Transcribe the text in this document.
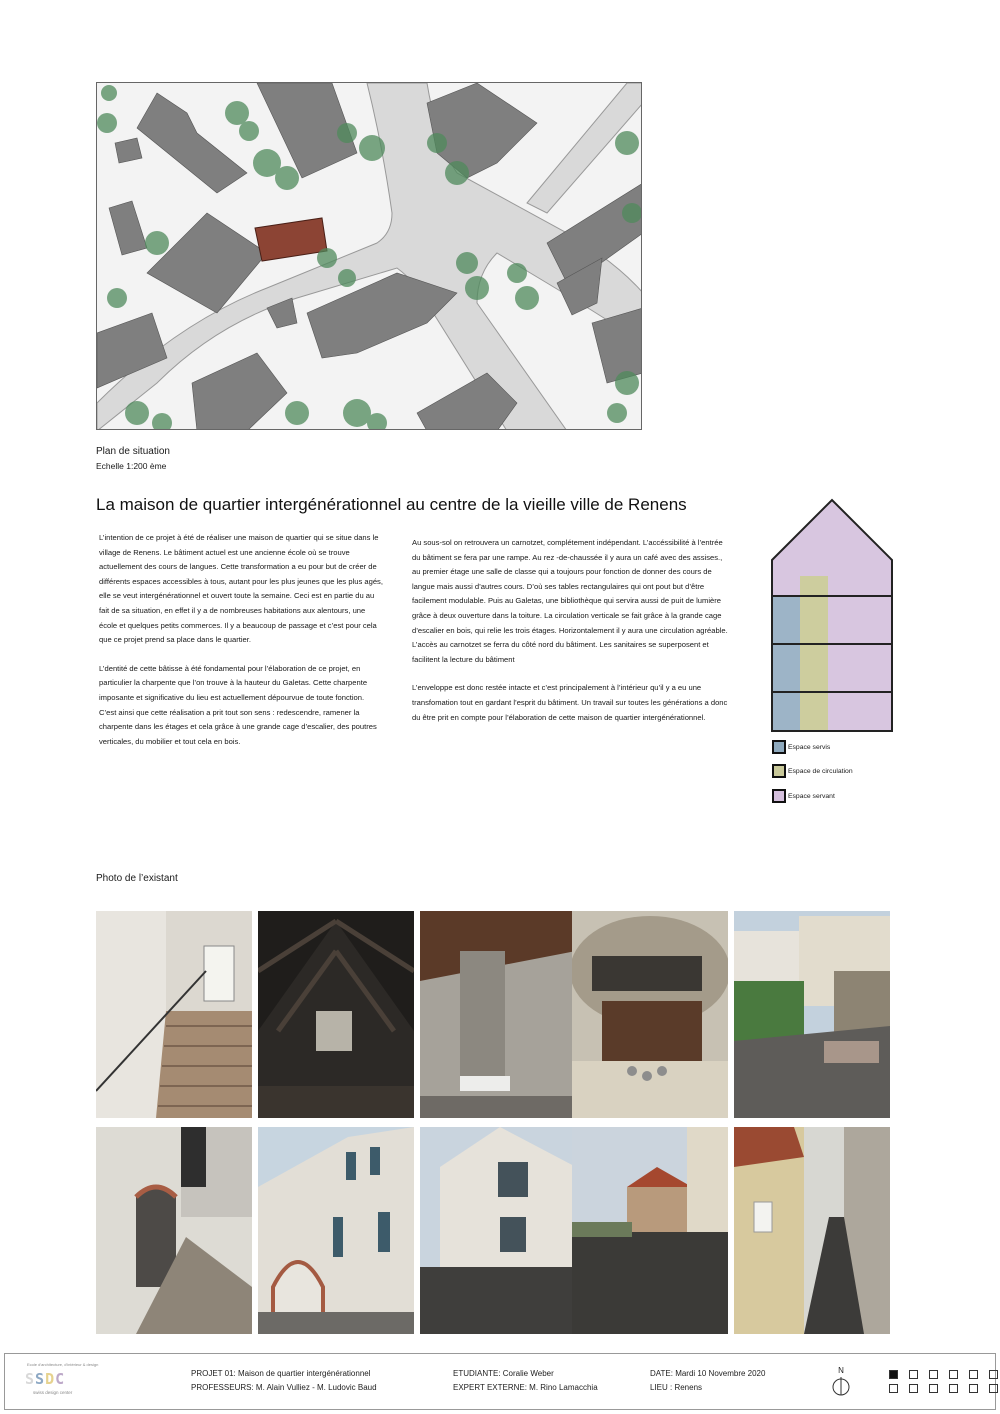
Plan de situation
Echelle 1:200 ème
La maison de quartier intergénérationnel au centre de la vieille ville de Renens

L’intention de ce projet à été de réaliser une maison de quartier qui se situe dans le village de Renens. Le bâtiment actuel est une ancienne école où se trouve actuellement des cours de langues. Cette transformation a eu pour but de créer de différents espaces accessibles à tous, autant pour les plus jeunes que les plus agés, elle se veut intergénérationnel et ouvert toute la semaine. Ceci est en partie du au fait de sa situation, en effet il y a de nombreuses habitations aux alentours, une école et quelques petits commerces. Il y a beaucoup de passage et c’est pour cela que ce projet prend sa place dans le quartier.

L’dentité de cette bâtisse à été fondamental pour l’élaboration de ce projet, en particulier la charpente que l’on trouve à la hauteur du Galetas. Cette charpente imposante et significative du lieu est actuellement dépourvue de toute fonction. C’est ainsi que cette réalisation a prit tout son sens : redescendre, ramener la charpente dans les étages et cela grâce à une grande cage d’escalier, des poutres verticales, du mobilier et tout cela en bois.

Au sous-sol on retrouvera un carnotzet, complétement indépendant. L’accéssibilité à l’entrée du bâtiment se fera par une rampe. Au rez -de-chaussée il y aura un café avec des assises., au premier étage une salle de classe qui a toujours pour fonction de donner des cours de langue mais aussi d’autres cours. D’où ses tables rectangulaires qui ont pout but d’être facilement modulable. Puis au Galetas, une bibliothèque qui servira aussi de puit de lumière grâce à deux ouverture dans la toiture. La circulation verticale se fait grâce à la grande cage d’escalier en bois, qui relie les trois étages. Horizontalement il y aura une circulation agréable. L’accès au carnotzet se ferra du côté nord du bâtiment. Les sanitaires se superposent et facilitent la lecture du bâtiment

L’enveloppe est donc restée intacte et c’est principalement à l’intérieur qu’il y a eu une transfomation tout en gardant l’esprit du bâtiment. Un travail sur toutes les générations a donc du être prit en compte pour l’élaboration de cette maison de quartier intergénérationnel.

Espace servis
Espace de circulation
Espace servant
Photo de l’existant
Ecole d'architecture, d'intérieur & design
SSDC
swiss design center
PROJET 01: Maison de quartier intergénérationnel
PROFESSEURS: M. Alain Vulliez - M. Ludovic Baud
ETUDIANTE: Coralie Weber
EXPERT EXTERNE: M. Rino Lamacchia
DATE: Mardi 10 Novembre 2020
LIEU : Renens
N
